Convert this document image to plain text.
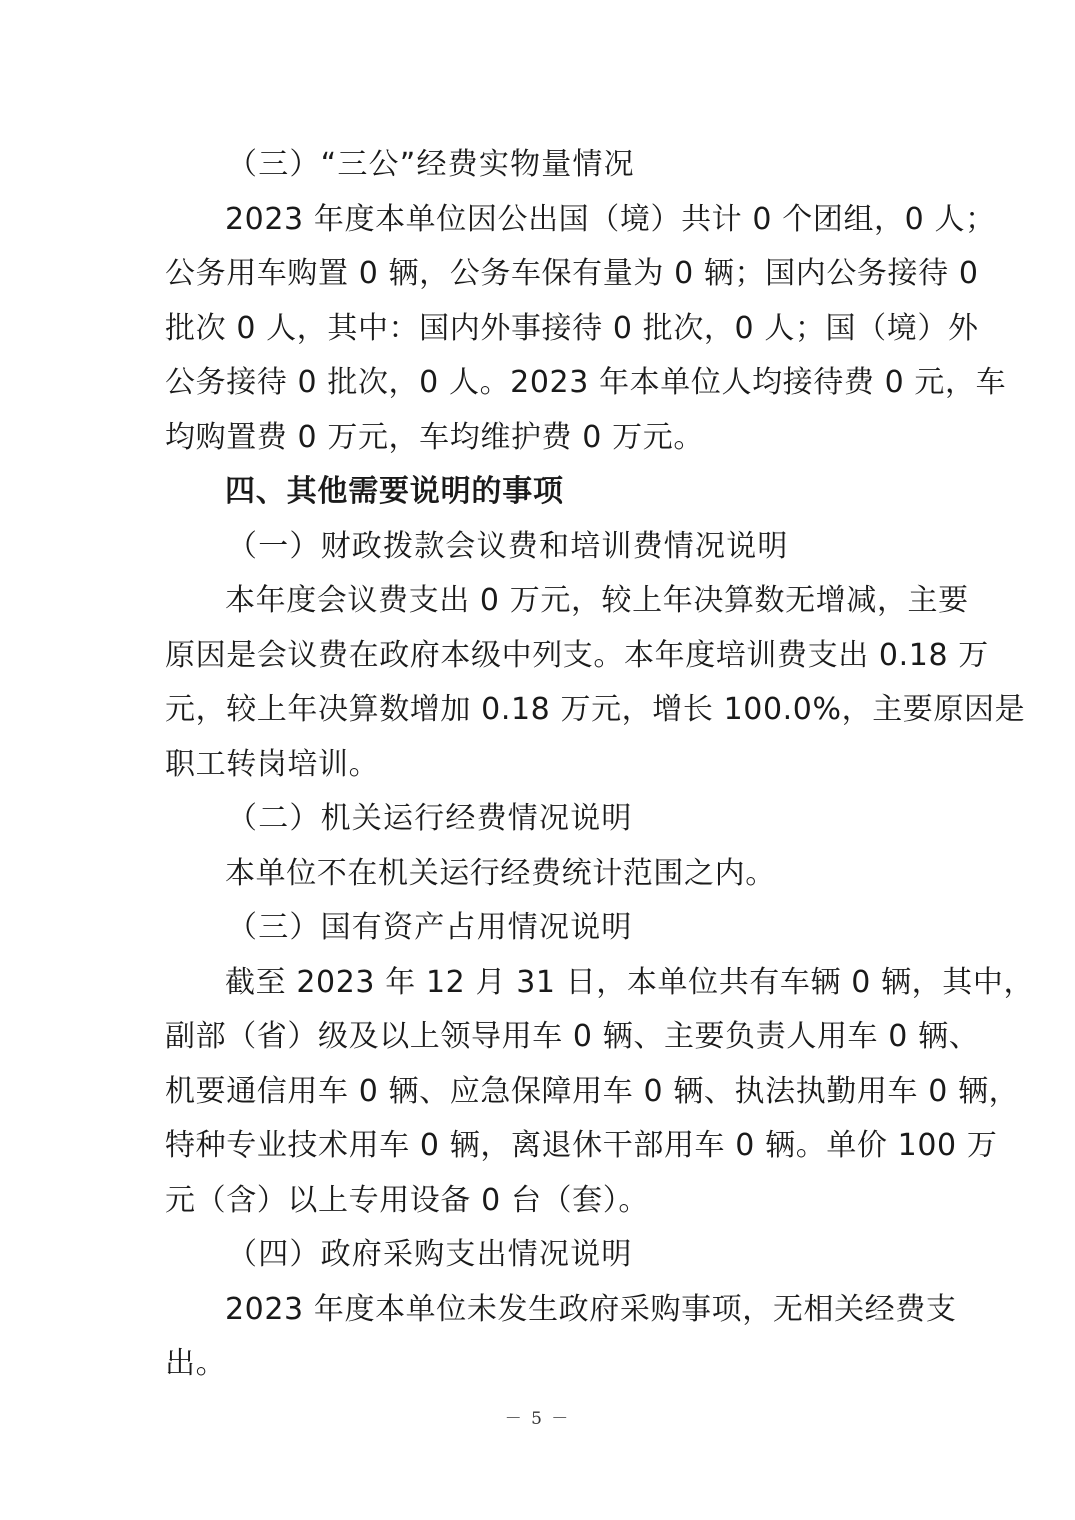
（三）“三公”经费实物量情况

2023 年度本单位因公出国（境）共计 0 个团组，0 人；

公务用车购置 0 辆，公务车保有量为 0 辆；国内公务接待 0

批次 0 人，其中：国内外事接待 0 批次，0 人；国（境）外

公务接待 0 批次，0 人。2023 年本单位人均接待费 0 元，车

均购置费 0 万元，车均维护费 0 万元。

四、其他需要说明的事项

（一）财政拨款会议费和培训费情况说明

本年度会议费支出 0 万元，较上年决算数无增减，主要

原因是会议费在政府本级中列支。本年度培训费支出 0.18 万

元，较上年决算数增加 0.18 万元，增长 100.0%，主要原因是

职工转岗培训。

（二）机关运行经费情况说明

本单位不在机关运行经费统计范围之内。

（三）国有资产占用情况说明

截至 2023 年 12 月 31 日，本单位共有车辆 0 辆，其中，

副部（省）级及以上领导用车 0 辆、主要负责人用车 0 辆、

机要通信用车 0 辆、应急保障用车 0 辆、执法执勤用车 0 辆，

特种专业技术用车 0 辆，离退休干部用车 0 辆。单价 100 万

元（含）以上专用设备 0 台（套）。

（四）政府采购支出情况说明

2023 年度本单位未发生政府采购事项，无相关经费支

出。

－ 5 －
